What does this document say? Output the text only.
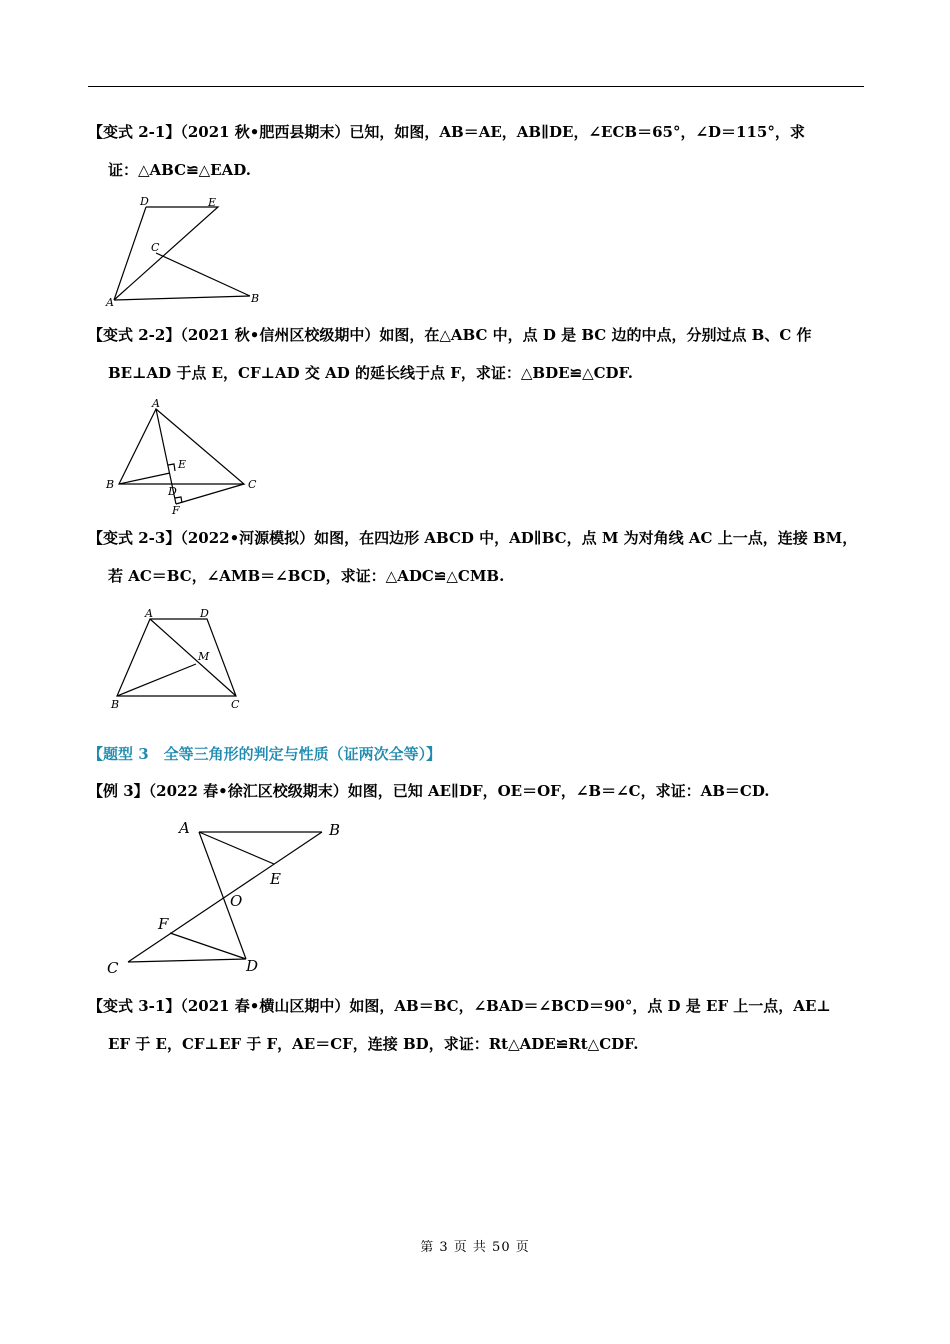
【变式 2-1】（2021 秋•肥西县期末）已知，如图，AB＝AE，AB∥DE，∠ECB＝65°，∠D＝115°，求
证：△ABC≌△EAD.
D	E
C
A	B
【变式 2-2】（2021 秋•信州区校级期中）如图，在△ABC 中，点 D 是 BC 边的中点，分别过点 B、C 作
BE⊥AD 于点 E，CF⊥AD 交 AD 的延长线于点 F，求证：△BDE≌△CDF.
A
E
B
D
C
F
【变式 2-3】（2022•河源模拟）如图，在四边形 ABCD 中，AD∥BC，点 M 为对角线 AC 上一点，连接 BM，
若 AC＝BC，∠AMB＝∠BCD，求证：△ADC≌△CMB.
A	D
M
B	C
【题型 3　全等三角形的判定与性质（证两次全等）】
【例 3】（2022 春•徐汇区校级期末）如图，已知 AE∥DF，OE＝OF，∠B＝∠C，求证：AB＝CD.
A	B
E
O
F
C	D
【变式 3-1】（2021 春•横山区期中）如图，AB＝BC，∠BAD＝∠BCD＝90°，点 D 是 EF 上一点，AE⊥
EF 于 E，CF⊥EF 于 F，AE＝CF，连接 BD，求证：Rt△ADE≌Rt△CDF.
第 3 页 共 50 页
